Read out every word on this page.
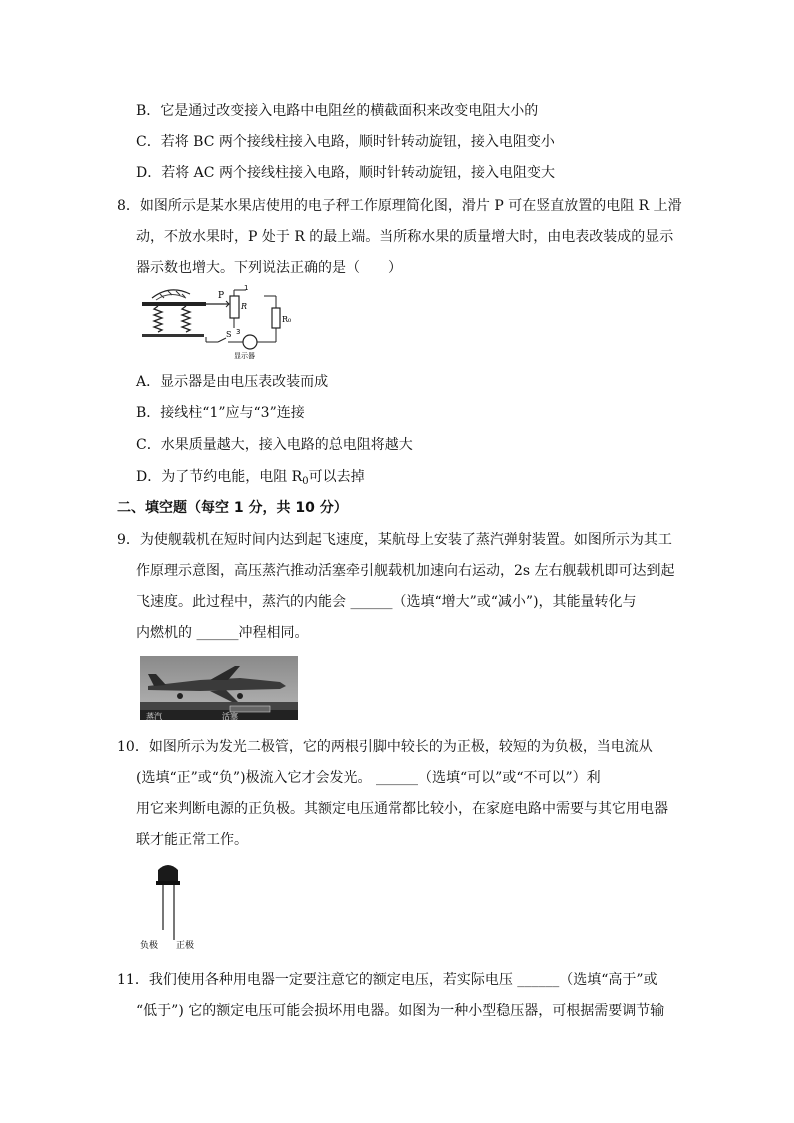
B．它是通过改变接入电路中电阻丝的横截面积来改变电阻大小的
C．若将 BC 两个接线柱接入电路，顺时针转动旋钮，接入电阻变小
D．若将 AC 两个接线柱接入电路，顺时针转动旋钮，接入电阻变大
8．如图所示是某水果店使用的电子秤工作原理简化图，滑片 P 可在竖直放置的电阻 R 上滑
动，不放水果时，P 处于 R 的最上端。当所称水果的质量增大时，由电表改装成的显示
器示数也增大。下列说法正确的是（　　）
P
R
1
R₀
3
S
显示器
A．显示器是由电压表改装而成
B．接线柱“1”应与“3”连接
C．水果质量越大，接入电路的总电阻将越大
D．为了节约电能，电阻 $R_0$可以去掉
二、填空题（每空 1 分，共 10 分）
9．为使舰载机在短时间内达到起飞速度，某航母上安装了蒸汽弹射装置。如图所示为其工
作原理示意图，高压蒸汽推动活塞牵引舰载机加速向右运动，2s 左右舰载机即可达到起
飞速度。此过程中，蒸汽的内能会 ______（选填“增大”或“减小”)，其能量转化与
内燃机的 ______冲程相同。
蒸汽	活塞
10．如图所示为发光二极管，它的两根引脚中较长的为正极，较短的为负极，当电流从
(选填“正”或“负”)极流入它才会发光。 ______（选填“可以”或“不可以”）利
用它来判断电源的正负极。其额定电压通常都比较小，在家庭电路中需要与其它用电器
联才能正常工作。
负极 正极
11．我们使用各种用电器一定要注意它的额定电压，若实际电压 ______（选填“高于”或
“低于”) 它的额定电压可能会损坏用电器。如图为一种小型稳压器，可根据需要调节输
